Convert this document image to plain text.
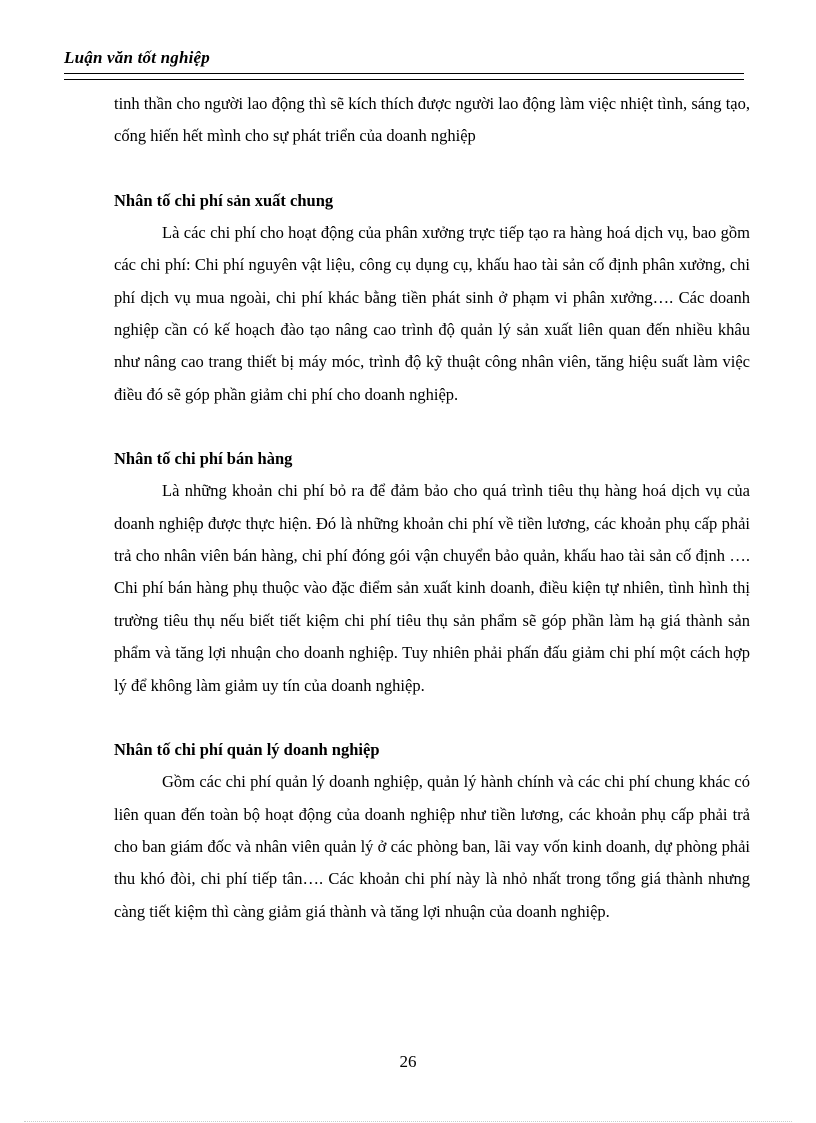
Luận văn tốt nghiệp

tinh thần cho người lao động thì sẽ kích thích được người lao động làm việc nhiệt tình, sáng tạo, cống hiến hết mình cho sự phát triển của doanh nghiệp

Nhân tố chi phí sản xuất chung

Là các chi phí cho hoạt động của phân xưởng trực tiếp tạo ra hàng hoá dịch vụ, bao gồm các chi phí: Chi phí nguyên vật liệu, công cụ dụng cụ, khấu hao tài sản cố định phân xưởng, chi phí dịch vụ mua ngoài, chi phí khác bằng tiền phát sinh ở phạm vi phân xưởng…. Các doanh nghiệp cần có kế hoạch đào tạo nâng cao trình độ quản lý sản xuất liên quan đến nhiều khâu như nâng cao trang thiết bị máy móc, trình độ kỹ thuật công nhân viên, tăng hiệu suất làm việc điều đó sẽ góp phần giảm chi phí cho doanh nghiệp.

Nhân tố chi phí bán hàng

Là những khoản chi phí bỏ ra để đảm bảo cho quá trình tiêu thụ hàng hoá dịch vụ của doanh nghiệp được thực hiện. Đó là những khoản chi phí về tiền lương, các khoản phụ cấp phải trả cho nhân viên bán hàng, chi phí đóng gói vận chuyển bảo quản, khấu hao tài sản cố định …. Chi phí bán hàng phụ thuộc vào đặc điểm sản xuất kinh doanh, điều kiện tự nhiên, tình hình thị trường tiêu thụ nếu biết tiết kiệm chi phí tiêu thụ sản phẩm sẽ góp phần làm hạ giá thành sản phẩm và tăng lợi nhuận cho doanh nghiệp. Tuy nhiên phải phấn đấu giảm chi phí một cách hợp lý để không làm giảm uy tín của doanh nghiệp.

Nhân tố chi phí quản lý doanh nghiệp

Gồm các chi phí quản lý doanh nghiệp, quản lý hành chính và các chi phí chung khác có liên quan đến toàn bộ hoạt động của doanh nghiệp như tiền lương, các khoản phụ cấp phải trả cho ban giám đốc và nhân viên quản lý ở các phòng ban, lãi vay vốn kinh doanh, dự phòng phải thu khó đòi, chi phí tiếp tân…. Các khoản chi phí này là nhỏ nhất trong tổng giá thành nhưng càng tiết kiệm thì càng giảm giá thành và tăng lợi nhuận của doanh nghiệp.

26
